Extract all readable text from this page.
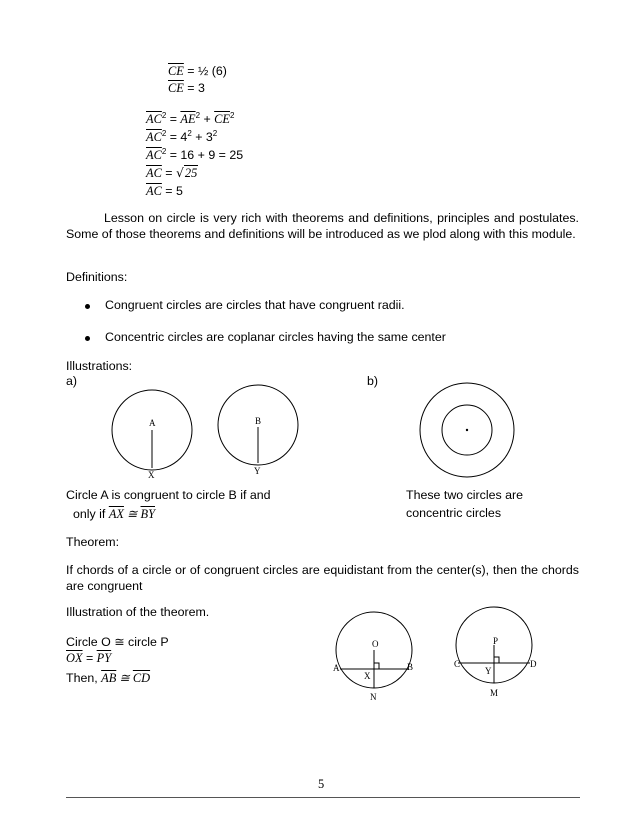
$\overline{CE}$ = ½ (6)
$\overline{CE} = 3$
$\overline{AC}^2 = \overline{AE}^2 + \overline{CE}^2$
$\overline{AC}^2 = 4^2 + 3^2$
$\overline{AC}^2 = 16 + 9 = 25$
$\overline{AC} = √25$
$\overline{AC} = 5$
Lesson on circle is very rich with theorems and definitions, principles and postulates. Some of those theorems and definitions will be introduced as we plod along with this module.
Definitions:
Congruent circles are circles that have congruent radii.
Concentric circles are coplanar circles having the same center
Illustrations:
a)	b)
A
X
B
Y
Circle A is congruent to circle B if and
only if $\overline{AX}$ ≅ $\overline{BY}$
These two circles are
concentric circles
Theorem:
If chords of a circle or of congruent circles are equidistant from the center(s), then the chords are congruent
Illustration of the theorem.
Circle O ≅ circle P
$\overline{OX} = \overline{PY}$
Then, $\overline{AB}$ ≅ $\overline{CD}$
O
A	B
X
N
P
C	D
Y
M
5
